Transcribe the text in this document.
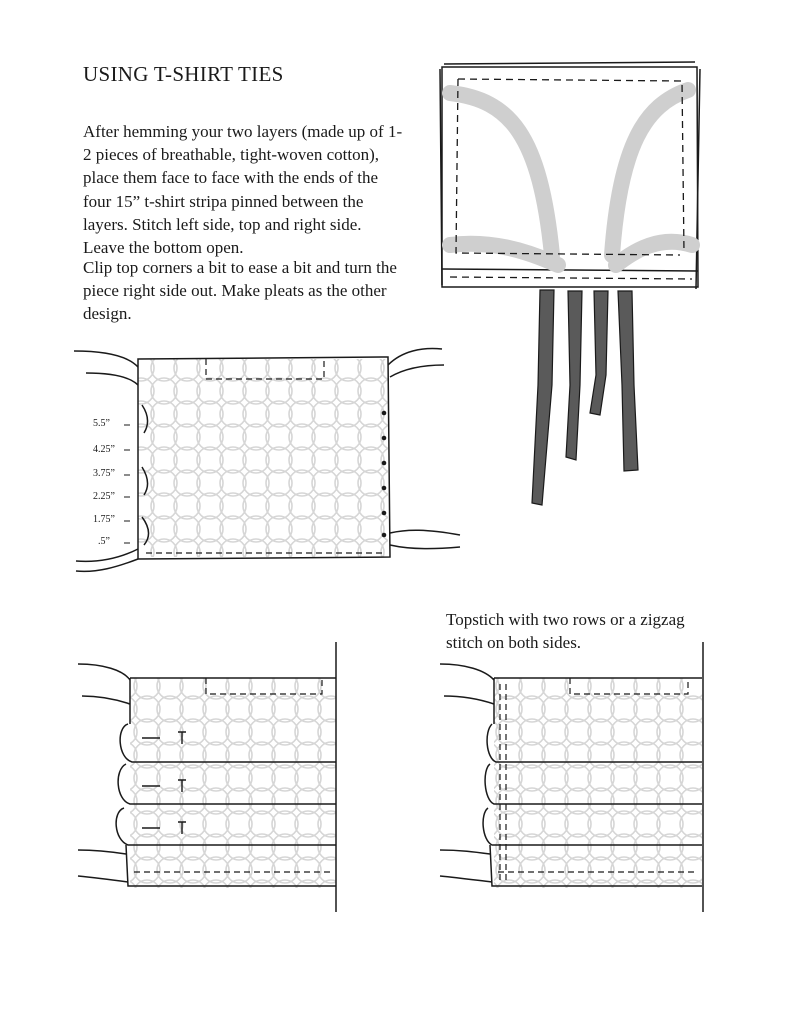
USING T-SHIRT TIES

After hemming your two layers (made up of 1-2 pieces of breathable, tight-woven cotton), place them face to face with the ends of the four 15” t-shirt stripa pinned between the layers. Stitch left side, top and right side. Leave the bottom open.

Clip top corners a bit to ease a bit and turn the piece right side out. Make pleats as the other design.

Topstich with two rows or a zigzag stitch on both sides.

5.5”
4.25”
3.75”
2.25”
1.75”
.5”
